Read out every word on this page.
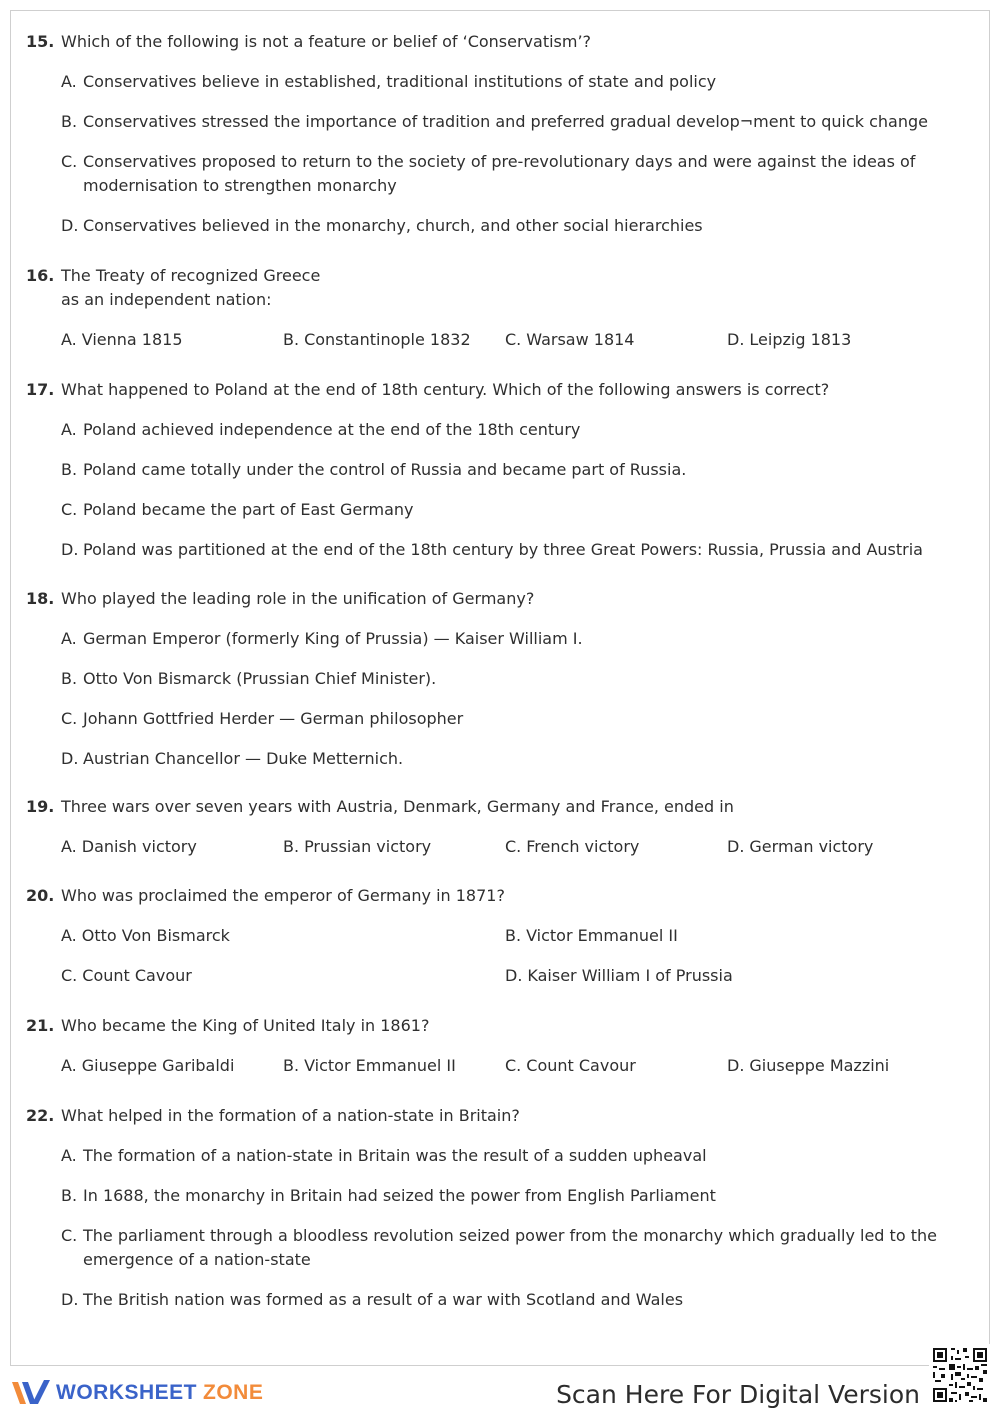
15. Which of the following is not a feature or belief of ‘Conservatism’?
A. Conservatives believe in established, traditional institutions of state and policy
B. Conservatives stressed the importance of tradition and preferred gradual develop¬ment to quick change
C. Conservatives proposed to return to the society of pre-revolutionary days and were against the ideas of modernisation to strengthen monarchy
D. Conservatives believed in the monarchy, church, and other social hierarchies
16. The Treaty of recognized Greece
as an independent nation:
A. Vienna 1815	B. Constantinople 1832 C. Warsaw 1814	D. Leipzig 1813
17. What happened to Poland at the end of 18th century. Which of the following answers is correct?
A. Poland achieved independence at the end of the 18th century
B. Poland came totally under the control of Russia and became part of Russia.
C. Poland became the part of East Germany
D. Poland was partitioned at the end of the 18th century by three Great Powers: Russia, Prussia and Austria
18. Who played the leading role in the unification of Germany?
A. German Emperor (formerly King of Prussia) — Kaiser William I.
B. Otto Von Bismarck (Prussian Chief Minister).
C. Johann Gottfried Herder — German philosopher
D. Austrian Chancellor — Duke Metternich.
19. Three wars over seven years with Austria, Denmark, Germany and France, ended in
A. Danish victory	B. Prussian victory	C. French victory	D. German victory
20. Who was proclaimed the emperor of Germany in 1871?
A. Otto Von Bismarck	B. Victor Emmanuel II
C. Count Cavour	D. Kaiser William I of Prussia
21. Who became the King of United Italy in 1861?
A. Giuseppe Garibaldi	B. Victor Emmanuel II	C. Count Cavour	D. Giuseppe Mazzini
22. What helped in the formation of a nation-state in Britain?
A. The formation of a nation-state in Britain was the result of a sudden upheaval
B. In 1688, the monarchy in Britain had seized the power from English Parliament
C. The parliament through a bloodless revolution seized power from the monarchy which gradually led to the emergence of a nation-state
D. The British nation was formed as a result of a war with Scotland and Wales
WORKSHEET ZONE	Scan Here For Digital Version
